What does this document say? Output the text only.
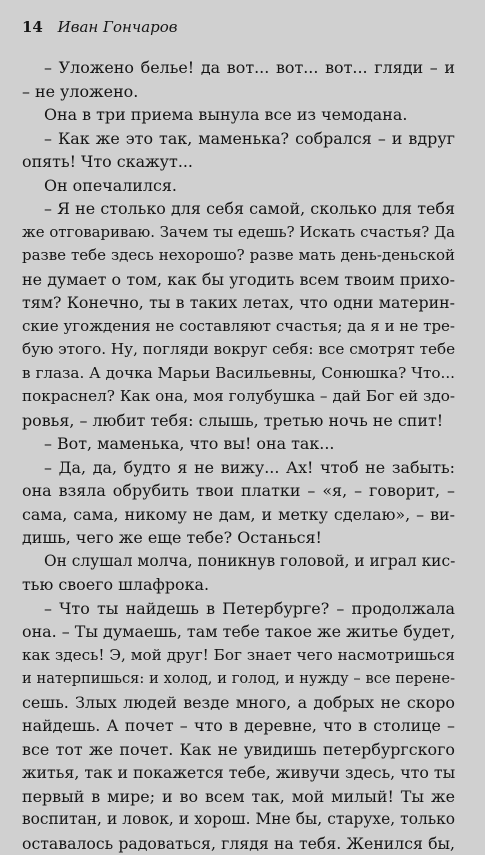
14 Иван Гончаров
– Уложено белье! да вот... вот... вот... гляди – и
– не уложено.
Она в три приема вынула все из чемодана.
– Как же это так, маменька? собрался – и вдруг
опять! Что скажут...
Он опечалился.
– Я не столько для себя самой, сколько для тебя
же отговариваю. Зачем ты едешь? Искать счастья? Да
разве тебе здесь нехорошо? разве мать день-деньской
не думает о том, как бы угодить всем твоим прихо-
тям? Конечно, ты в таких летах, что одни материн-
ские угождения не составляют счастья; да я и не тре-
бую этого. Ну, погляди вокруг себя: все смотрят тебе
в глаза. А дочка Марьи Васильевны, Сонюшка? Что...
покраснел? Как она, моя голубушка – дай Бог ей здо-
ровья, – любит тебя: слышь, третью ночь не спит!
– Вот, маменька, что вы! она так...
– Да, да, будто я не вижу... Ах! чтоб не забыть:
она взяла обрубить твои платки – «я, – говорит, –
сама, сама, никому не дам, и метку сделаю», – ви-
дишь, чего же еще тебе? Останься!
Он слушал молча, поникнув головой, и играл кис-
тью своего шлафрока.
– Что ты найдешь в Петербурге? – продолжала
она. – Ты думаешь, там тебе такое же житье будет,
как здесь! Э, мой друг! Бог знает чего насмотришься
и натерпишься: и холод, и голод, и нужду – все перене-
сешь. Злых людей везде много, а добрых не скоро
найдешь. А почет – что в деревне, что в столице –
все тот же почет. Как не увидишь петербургского
житья, так и покажется тебе, живучи здесь, что ты
первый в мире; и во всем так, мой милый! Ты же
воспитан, и ловок, и хорош. Мне бы, старухе, только
оставалось радоваться, глядя на тебя. Женился бы,
